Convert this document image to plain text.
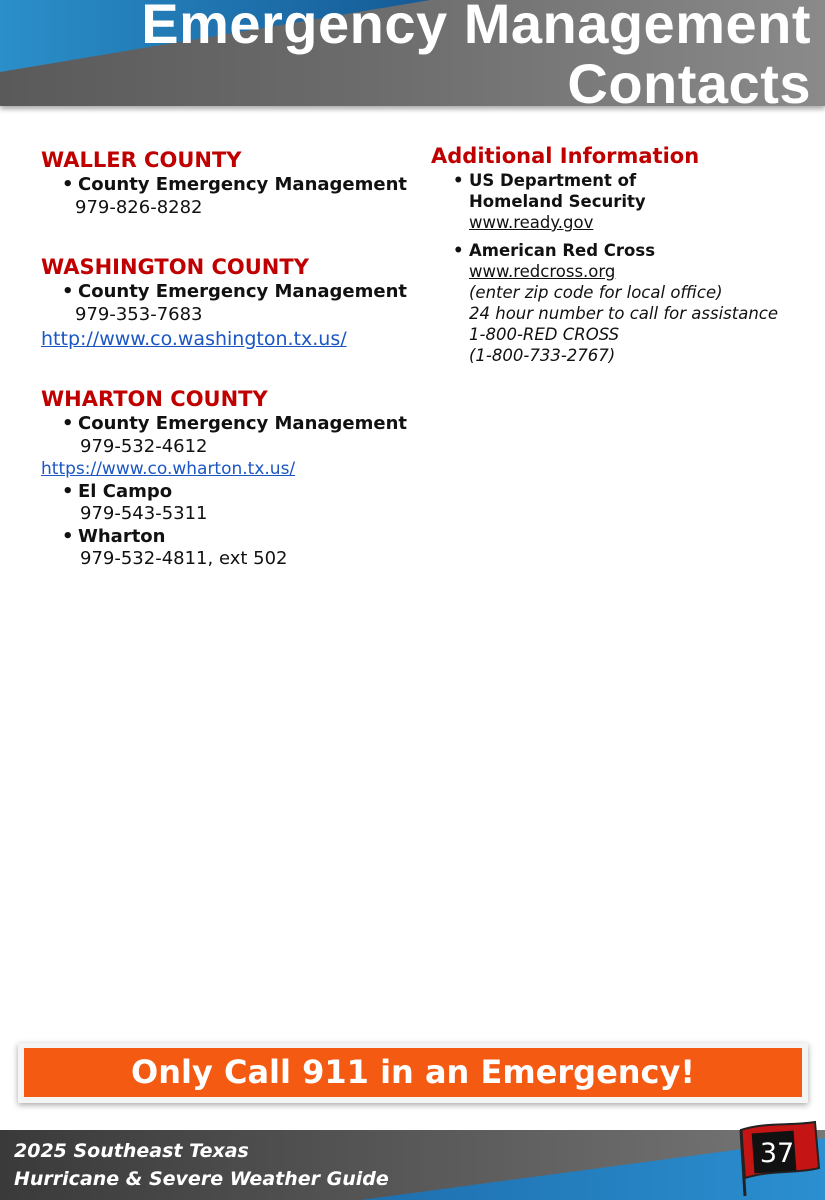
Emergency Management
Contacts
WALLER COUNTY
• County Emergency Management
979-826-8282
WASHINGTON COUNTY
• County Emergency Management
979-353-7683
http://www.co.washington.tx.us/
WHARTON COUNTY
• County Emergency Management
979-532-4612
https://www.co.wharton.tx.us/
• El Campo
979-543-5311
• Wharton
979-532-4811, ext 502
Additional Information
• US Department of
Homeland Security
www.ready.gov
• American Red Cross
www.redcross.org
(enter zip code for local office)
24 hour number to call for assistance
1-800-RED CROSS
(1-800-733-2767)
Only Call 911 in an Emergency!
2025 Southeast Texas
Hurricane & Severe Weather Guide
37
